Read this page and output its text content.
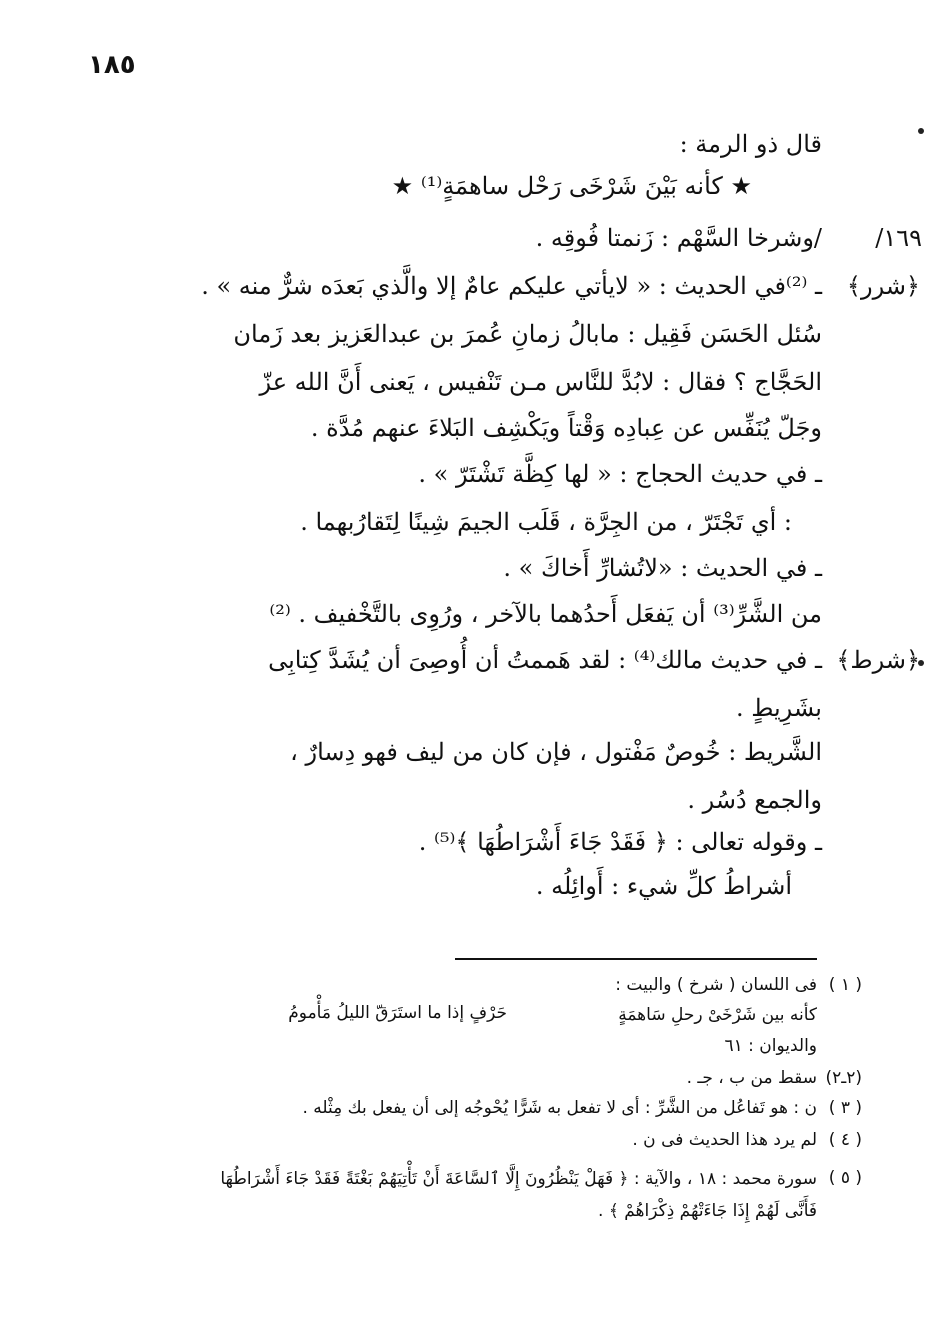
١٨٥
قال ذو الرمة :
★ كأنه بَيْنَ شَرْخَى رَحْل ساهمَةٍ⁽¹⁾ ★
١٦٩/
/وشرخا السَّهْم : زَنمتا فُوقِه .
﴿شرر﴾
ـ ⁽²⁾في الحديث : « لايأتي عليكم عامٌ إلا والَّذي بَعدَه شرٌّ منه » .
سُئل الحَسَن فَقِيل : مابالُ زمانِ عُمرَ بن عبدالعَزيز بعد زَمان
الحَجَّاج ؟ فقال : لابُدَّ للنَّاس مـن تَنْفيس ، يَعنى أَنَّ الله عزّ
وجَلّ يُنَفِّس عن عِبادِه وَقْتاً ويَكْشِف البَلاءَ عنهم مُدَّة .
ـ في حديث الحجاج : « لها كِظَّة تَشْتَرّ » .
: أي تَجْتَرّ ، من الجِرَّة ، قَلَب الجيمَ شِينًا لِتَقارُبهما .
ـ في الحديث : «لاتُشارِّ أَخاكَ » .
من الشَّرِّ⁽³⁾ أن يَفعَل أَحدُهما بالآخر ، ورُوِى بالتَّخْفيف . ⁽²⁾
﴿شرط﴾
ـ في حديث مالك⁽⁴⁾ : لقد هَممتُ أن أُوصِىَ أن يُشَدَّ كِتابِى
بشَرِيطٍ .
الشَّريط : خُوصٌ مَفْتول ، فإن كان من ليف فهو دِسارٌ ،
والجمع دُسُر .
ـ وقوله تعالى : ﴿ فَقَدْ جَاءَ أَشْرَاطُهَا ﴾⁽⁵⁾ .
أشراطُ كلِّ شيء : أَوائِلُه .
( ١ )
فى اللسان ( شرخ ) والبيت :
كأنه بين شَرْخَىْ رحلِ سَاهمَةٍ
حَرْفٍ إذا ما استَرَقّ الليلُ مَأْمومُ
والديوان : ٦١
(٢ـ٢)
سقط من ب ، جـ .
( ٣ )
ن : هو تَفاعُل من الشَّرِّ : أى لا تفعل به شَرًّا يُحْوجُه إلى أن يفعل بك مِثْله .
( ٤ )
لم يرد هذا الحديث فى ن .
( ٥ )
سورة محمد : ١٨ ، والآية : ﴿ فَهَلْ يَنْظُرُونَ إِلَّا ٱلسَّاعَةَ أَنْ تَأْتِيَهُمْ بَغْتَةً فَقَدْ جَاءَ أَشْرَاطُهَا
فَأَنَّى لَهُمْ إِذَا جَاءَتْهُمْ ذِكْرَاهُمْ ﴾ .
